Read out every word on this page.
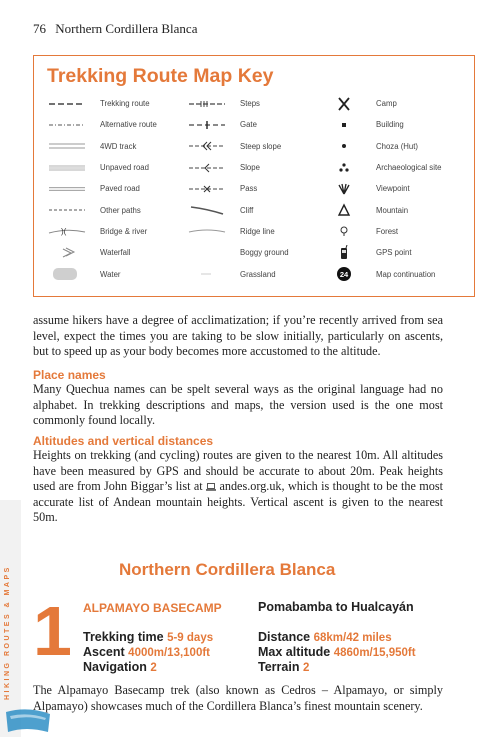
76 Northern Cordillera Blanca
Trekking Route Map Key
Trekking route	Steps	Camp
Alternative route	Gate	Building
4WD track	Steep slope	Choza (Hut)
Unpaved road	Slope	Archaeological site
Paved road	Pass	Viewpoint
Other paths	Cliff	Mountain
)(	Bridge & river	Ridge line	Forest
Waterfall	Boggy ground	GPS point
Water	Grassland	24	Map continuation

assume hikers have a degree of acclimatization; if you’re recently arrived from sea level, expect the times you are taking to be slow initially, particularly on ascents, but to speed up as your body becomes more accustomed to the altitude.

Place names

Many Quechua names can be spelt several ways as the original language had no alphabet. In trekking descriptions and maps, the version used is the one most commonly found locally.

Altitudes and vertical distances

Heights on trekking (and cycling) routes are given to the nearest 10m. All altitudes have been measured by GPS and should be accurate to about 20m. Peak heights used are from John Biggar’s list at  andes.org.uk, which is thought to be the most accurate list of Andean mountain heights. Vertical ascent is given to the nearest 50m.

HIKING ROUTES & MAPS	Northern Cordillera Blanca
1 ALPAMAYO BASECAMP	Pomabamba to Hualcayán
Trekking time 5-9 days	Distance 68km/42 miles
Ascent 4000m/13,100ft	Max altitude 4860m/15,950ft
Navigation 2	Terrain 2

The Alpamayo Basecamp trek (also known as Cedros – Alpamayo, or simply Alpamayo) showcases much of the Cordillera Blanca’s finest mountain scenery.
